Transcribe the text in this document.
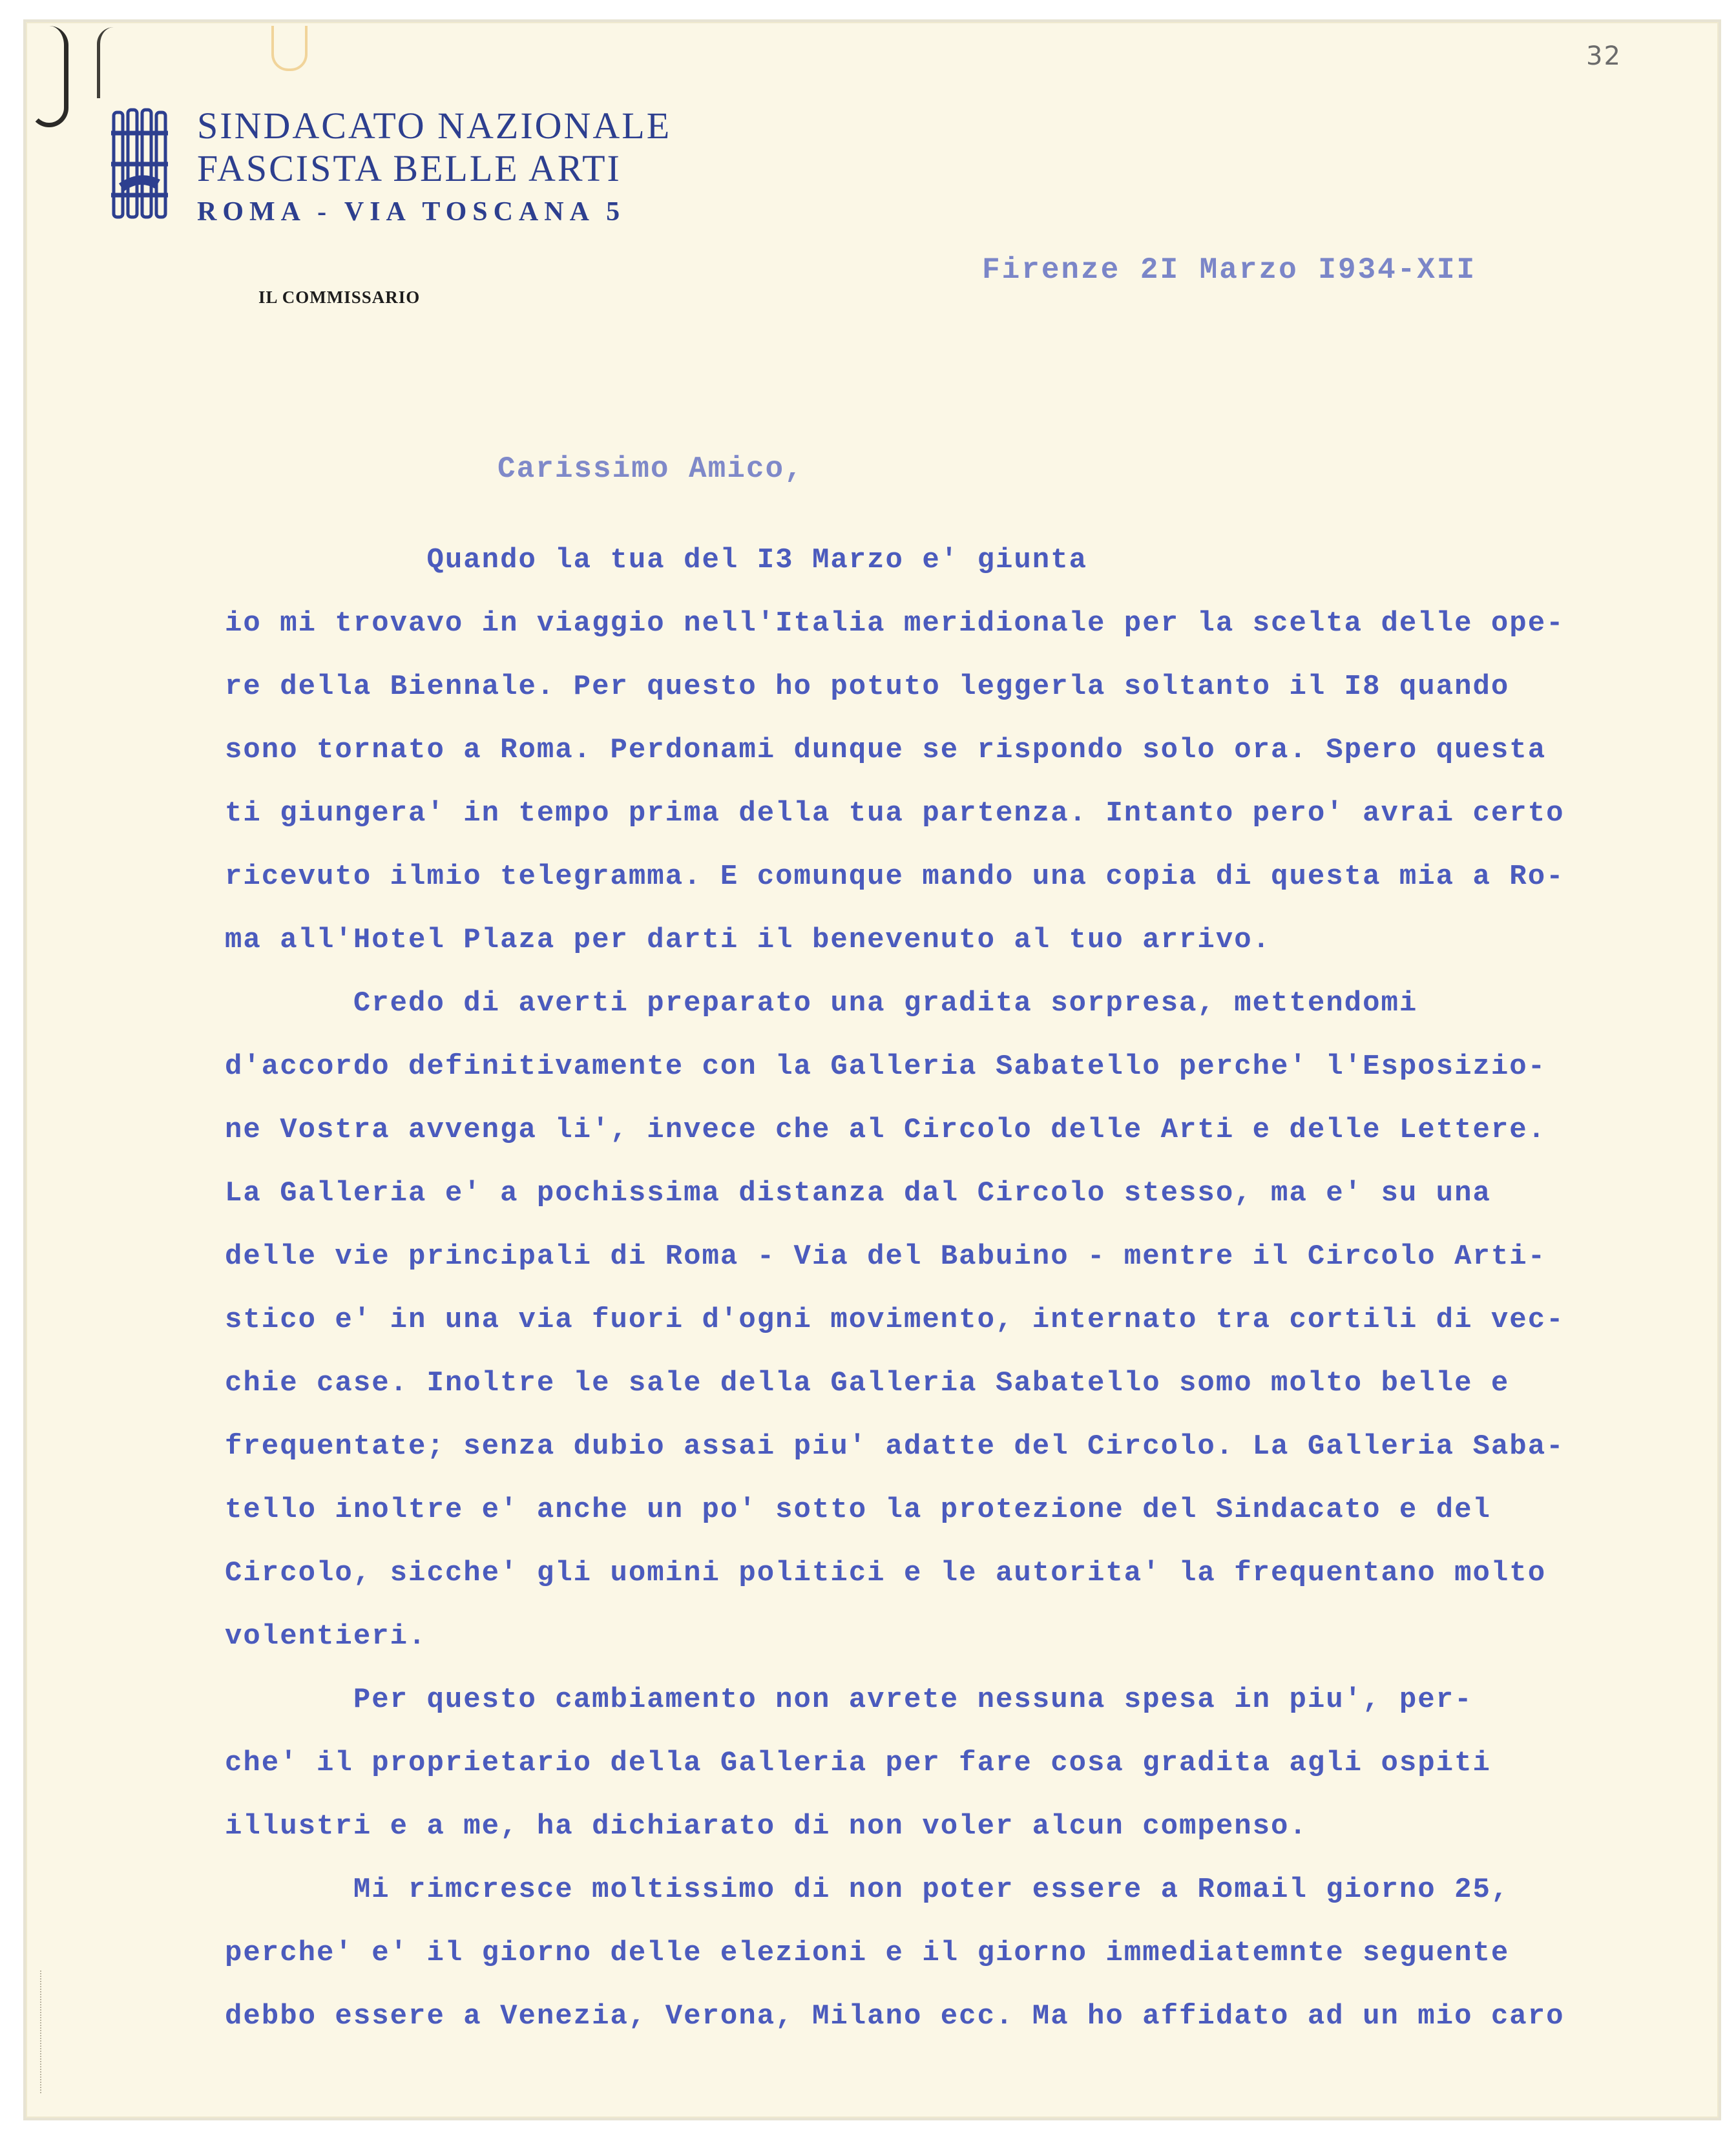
32
SINDACATO NAZIONALE
FASCISTA BELLE ARTI
ROMA - VIA TOSCANA 5
IL COMMISSARIO
Firenze 2I Marzo I934-XII
Carissimo Amico,
Quando la tua del I3 Marzo e' giunta
io mi trovavo in viaggio nell'Italia meridionale per la scelta delle ope-
re della Biennale. Per questo ho potuto leggerla soltanto il I8 quando
sono tornato a Roma. Perdonami dunque se rispondo solo ora. Spero questa
ti giungera' in tempo prima della tua partenza. Intanto pero' avrai certo
ricevuto ilmio telegramma. E comunque mando una copia di questa mia a Ro-
ma all'Hotel Plaza per darti il benevenuto al tuo arrivo.
Credo di averti preparato una gradita sorpresa, mettendomi
d'accordo definitivamente con la Galleria Sabatello perche' l'Esposizio-
ne Vostra avvenga li', invece che al Circolo delle Arti e delle Lettere.
La Galleria e' a pochissima distanza dal Circolo stesso, ma e' su una
delle vie principali di Roma - Via del Babuino - mentre il Circolo Arti-
stico e' in una via fuori d'ogni movimento, internato tra cortili di vec-
chie case. Inoltre le sale della Galleria Sabatello somo molto belle e
frequentate; senza dubio assai piu' adatte del Circolo. La Galleria Saba-
tello inoltre e' anche un po' sotto la protezione del Sindacato e del
Circolo, sicche' gli uomini politici e le autorita' la frequentano molto
volentieri.
Per questo cambiamento non avrete nessuna spesa in piu', per-
che' il proprietario della Galleria per fare cosa gradita agli ospiti
illustri e a me, ha dichiarato di non voler alcun compenso.
Mi rimcresce moltissimo di non poter essere a Romail giorno 25,
perche' e' il giorno delle elezioni e il giorno immediatemnte seguente
debbo essere a Venezia, Verona, Milano ecc. Ma ho affidato ad un mio caro
